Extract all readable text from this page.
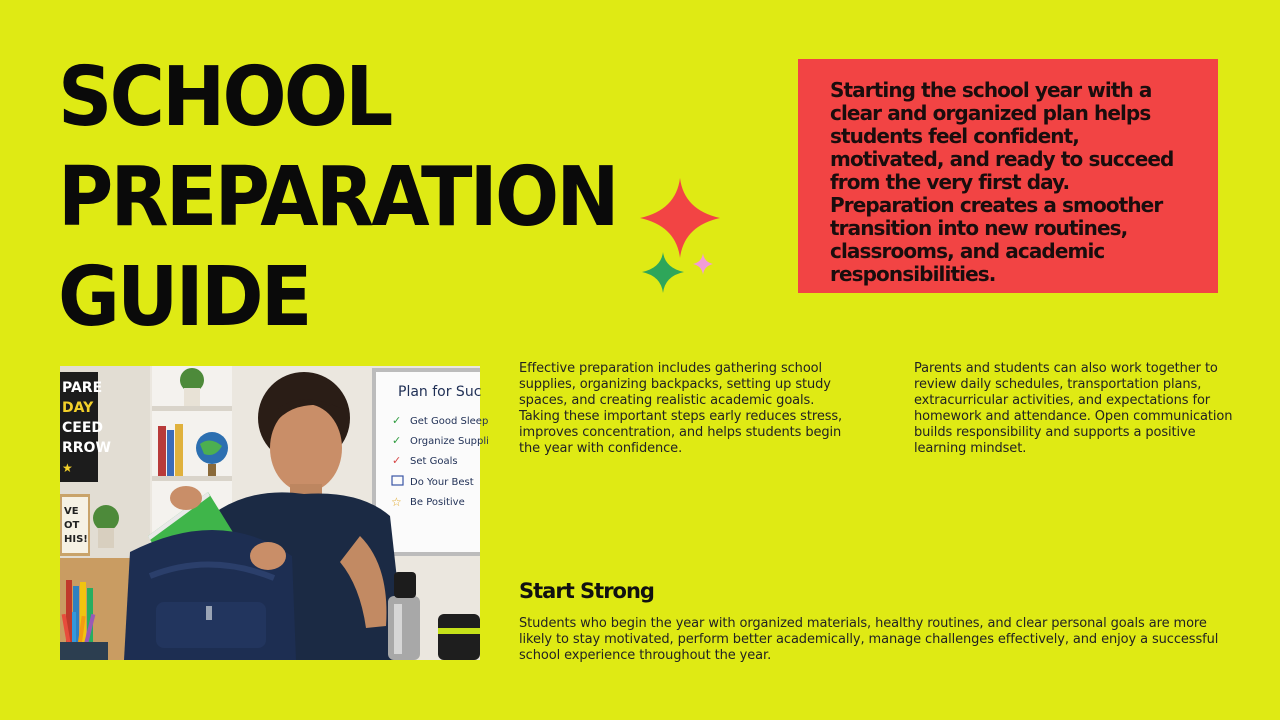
SCHOOL
PREPARATION
GUIDE

Starting the school year with a clear and organized plan helps students feel confident, motivated, and ready to succeed from the very first day. Preparation creates a smoother transition into new routines, classrooms, and academic responsibilities.

PARE
DAY
CEED
RROW
★
VE
OT
HIS!
Plan for Suc
✓ Get Good Sleep
✓ Organize Suppli
✓ Set Goals
Do Your Best
☆ Be Positive

Effective preparation includes gathering school supplies, organizing backpacks, setting up study spaces, and creating realistic academic goals. Taking these important steps early reduces stress, improves concentration, and helps students begin the year with confidence.

Parents and students can also work together to review daily schedules, transportation plans, extracurricular activities, and expectations for homework and attendance. Open communication builds responsibility and supports a positive learning mindset.

Start Strong

Students who begin the year with organized materials, healthy routines, and clear personal goals are more likely to stay motivated, perform better academically, manage challenges effectively, and enjoy a successful school experience throughout the year.
